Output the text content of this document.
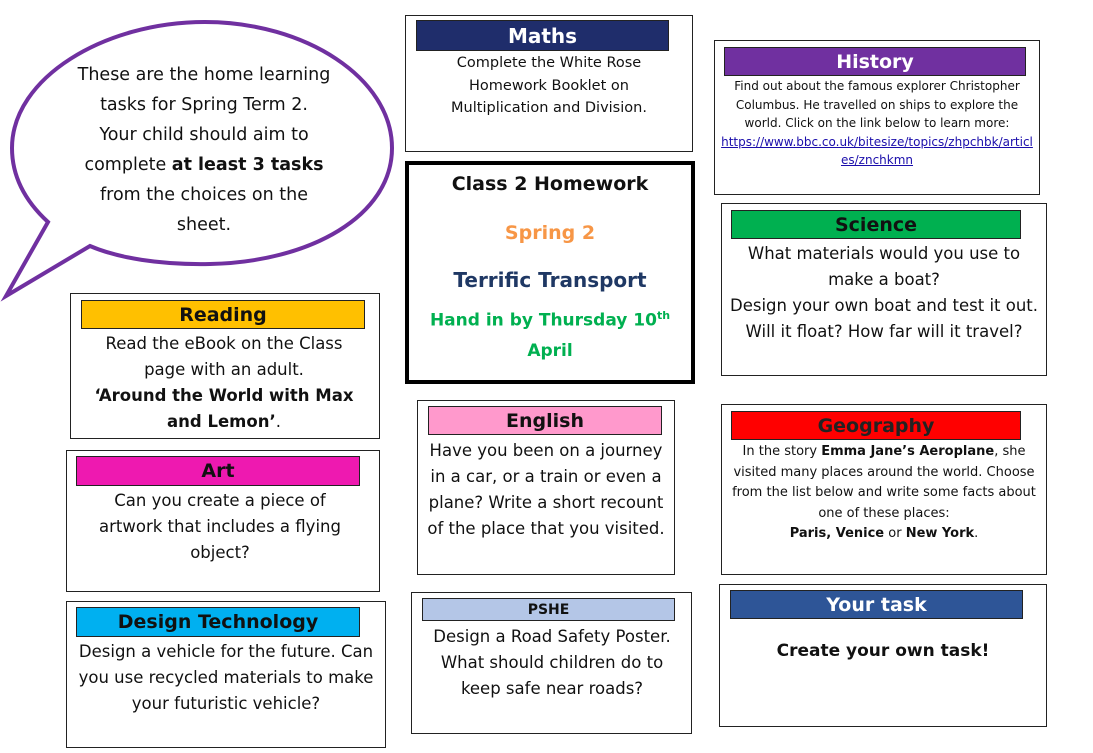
These are the home learning
tasks for Spring Term 2.
Your child should aim to
complete at least 3 tasks
from the choices on the
sheet.
Maths
Complete the White Rose Homework Booklet on Multiplication and Division.
History
Find out about the famous explorer Christopher Columbus. He travelled on ships to explore the world. Click on the link below to learn more:
https://www.bbc.co.uk/bitesize/topics/zhpchbk/articles/znchkmn
Class 2 Homework
Spring 2
Terrific Transport
Hand in by Thursday 10th
April
Science
What materials would you use to make a boat?
Design your own boat and test it out. Will it float? How far will it travel?
Reading
Read the eBook on the Class page with an adult.
‘Around the World with Max and Lemon’.	English
Have you been on a journey in a car, or a train or even a plane? Write a short recount of the place that you visited.
Geography
In the story Emma Jane’s Aeroplane, she visited many places around the world. Choose from the list below and write some facts about one of these places:
Paris, Venice or New York.
Art
Can you create a piece of artwork that includes a flying object?
Design Technology
Design a vehicle for the future. Can you use recycled materials to make your futuristic vehicle?
PSHE
Design a Road Safety Poster. What should children do to keep safe near roads?
Your task
Create your own task!
